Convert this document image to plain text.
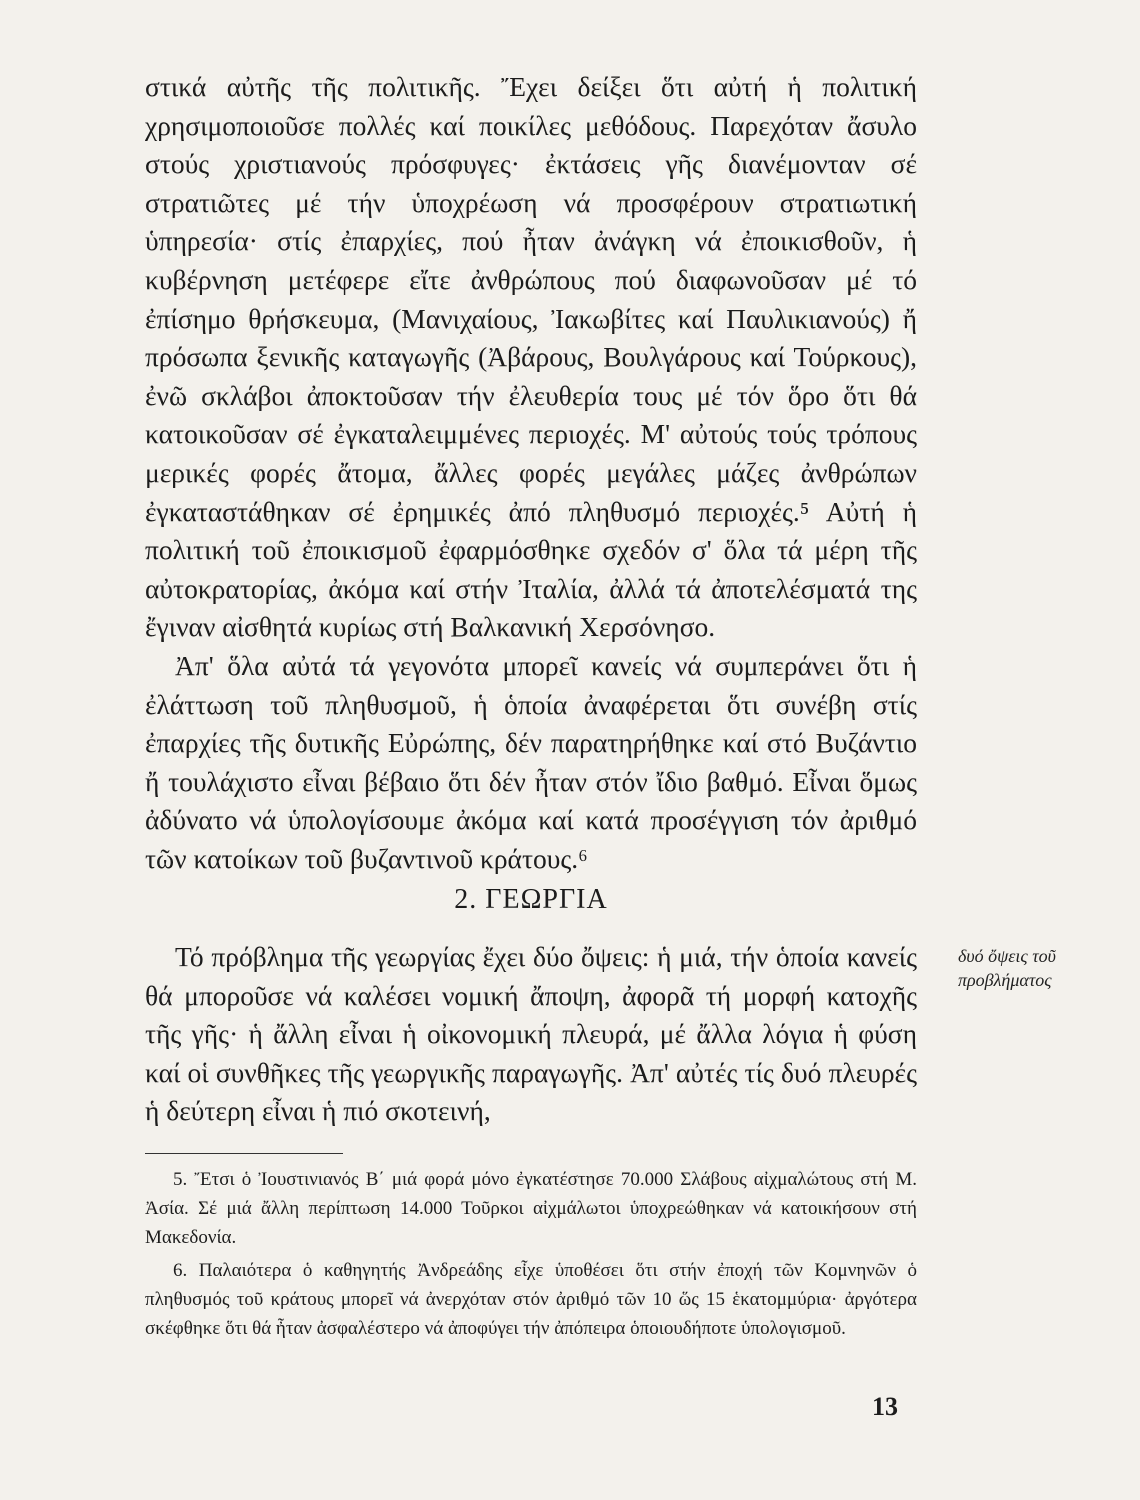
στικά αὐτῆς τῆς πολιτικῆς. Ἔχει δείξει ὅτι αὐτή ἡ πολιτική χρησιμοποιοῦσε πολλές καί ποικίλες μεθόδους. Παρεχόταν ἄσυλο στούς χριστιανούς πρόσφυγες· ἐκτάσεις γῆς διανέμονταν σέ στρατιῶτες μέ τήν ὑποχρέωση νά προσφέρουν στρατιωτική ὑπηρεσία· στίς ἐπαρχίες, πού ἦταν ἀνάγκη νά ἐποικισθοῦν, ἡ κυβέρνηση μετέφερε εἴτε ἀνθρώπους πού διαφωνοῦσαν μέ τό ἐπίσημο θρήσκευμα, (Μανιχαίους, Ἰακωβίτες καί Παυλικιανούς) ἤ πρόσωπα ξενικῆς καταγωγῆς (Ἀβάρους, Βουλγάρους καί Τούρκους), ἐνῶ σκλάβοι ἀποκτοῦσαν τήν ἐλευθερία τους μέ τόν ὅρο ὅτι θά κατοικοῦσαν σέ ἐγκαταλειμμένες περιοχές. Μ' αὐτούς τούς τρόπους μερικές φορές ἄτομα, ἄλλες φορές μεγάλες μάζες ἀνθρώπων ἐγκαταστάθηκαν σέ ἐρημικές ἀπό πληθυσμό περιοχές.⁵ Αὐτή ἡ πολιτική τοῦ ἐποικισμοῦ ἐφαρμόσθηκε σχεδόν σ' ὅλα τά μέρη τῆς αὐτοκρατορίας, ἀκόμα καί στήν Ἰταλία, ἀλλά τά ἀποτελέσματά της ἔγιναν αἰσθητά κυρίως στή Βαλκανική Χερσόνησο.

Ἀπ' ὅλα αὐτά τά γεγονότα μπορεῖ κανείς νά συμπεράνει ὅτι ἡ ἐλάττωση τοῦ πληθυσμοῦ, ἡ ὁποία ἀναφέρεται ὅτι συνέβη στίς ἐπαρχίες τῆς δυτικῆς Εὐρώπης, δέν παρατηρήθηκε καί στό Βυζάντιο ἤ τουλάχιστο εἶναι βέβαιο ὅτι δέν ἦταν στόν ἴδιο βαθμό. Εἶναι ὅμως ἀδύνατο νά ὑπολογίσουμε ἀκόμα καί κατά προσέγγιση τόν ἀριθμό τῶν κατοίκων τοῦ βυζαντινοῦ κράτους.⁶

2. ΓΕΩΡΓΙΑ

Τό πρόβλημα τῆς γεωργίας ἔχει δύο ὄψεις: ἡ μιά, τήν ὁποία κανείς θά μποροῦσε νά καλέσει νομική ἄποψη, ἀφορᾶ τή μορφή κατοχῆς τῆς γῆς· ἡ ἄλλη εἶναι ἡ οἰκονομική πλευρά, μέ ἄλλα λόγια ἡ φύση καί οἱ συνθῆκες τῆς γεωργικῆς παραγωγῆς. Ἀπ' αὐτές τίς δυό πλευρές ἡ δεύτερη εἶναι ἡ πιό σκοτεινή,

δυό ὄψεις τοῦ προβλήματος

5. Ἔτσι ὁ Ἰουστινιανός Β΄ μιά φορά μόνο ἐγκατέστησε 70.000 Σλάβους αἰχμαλώτους στή Μ. Ἀσία. Σέ μιά ἄλλη περίπτωση 14.000 Τοῦρκοι αἰχμάλωτοι ὑποχρεώθηκαν νά κατοικήσουν στή Μακεδονία.

6. Παλαιότερα ὁ καθηγητής Ἀνδρεάδης εἶχε ὑποθέσει ὅτι στήν ἐποχή τῶν Κομνηνῶν ὁ πληθυσμός τοῦ κράτους μπορεῖ νά ἀνερχόταν στόν ἀριθμό τῶν 10 ὥς 15 ἑκατομμύρια· ἀργότερα σκέφθηκε ὅτι θά ἦταν ἀσφαλέστερο νά ἀποφύγει τήν ἀπόπειρα ὁποιουδήποτε ὑπολογισμοῦ.

13
